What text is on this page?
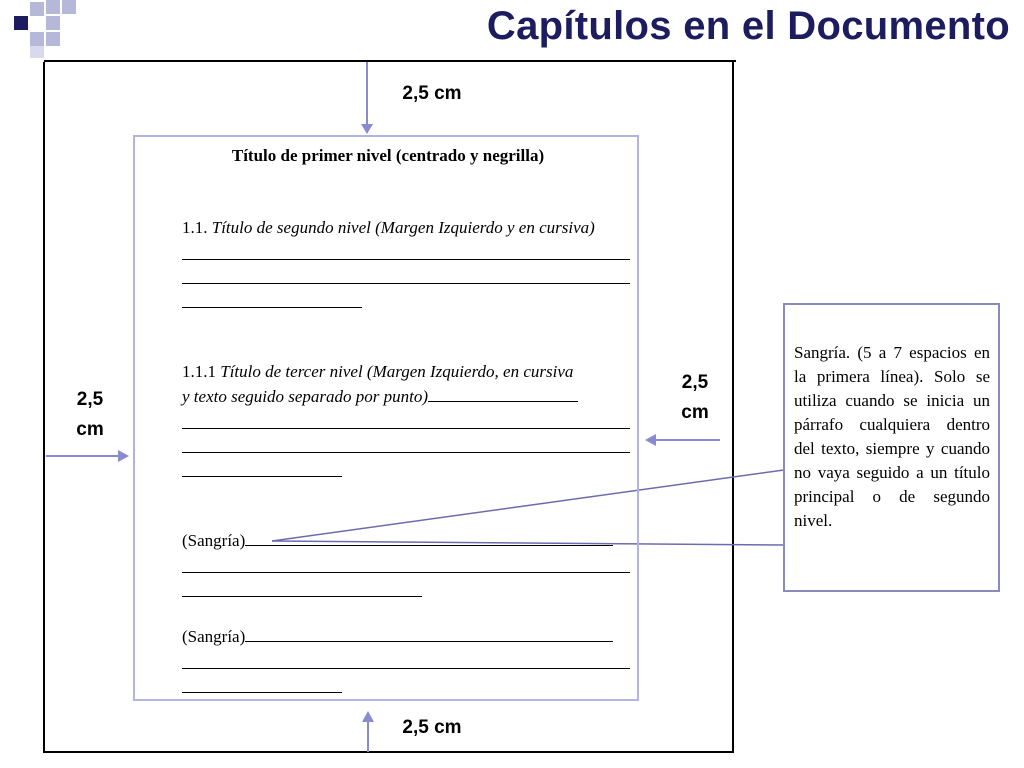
Capítulos en el Documento
2,5 cm
2,5 cm
2,5
cm
2,5
cm
Título de primer nivel (centrado y negrilla)
1.1. Título de segundo nivel (Margen Izquierdo y en cursiva)
1.1.1 Título de tercer nivel (Margen Izquierdo, en cursiva y texto seguido separado por punto)
(Sangría)
(Sangría)
Sangría. (5 a 7 espacios en la primera línea). Solo se utiliza cuando se inicia un párrafo cualquiera dentro del texto, siempre y cuando no vaya seguido a un título principal o de segundo nivel.
